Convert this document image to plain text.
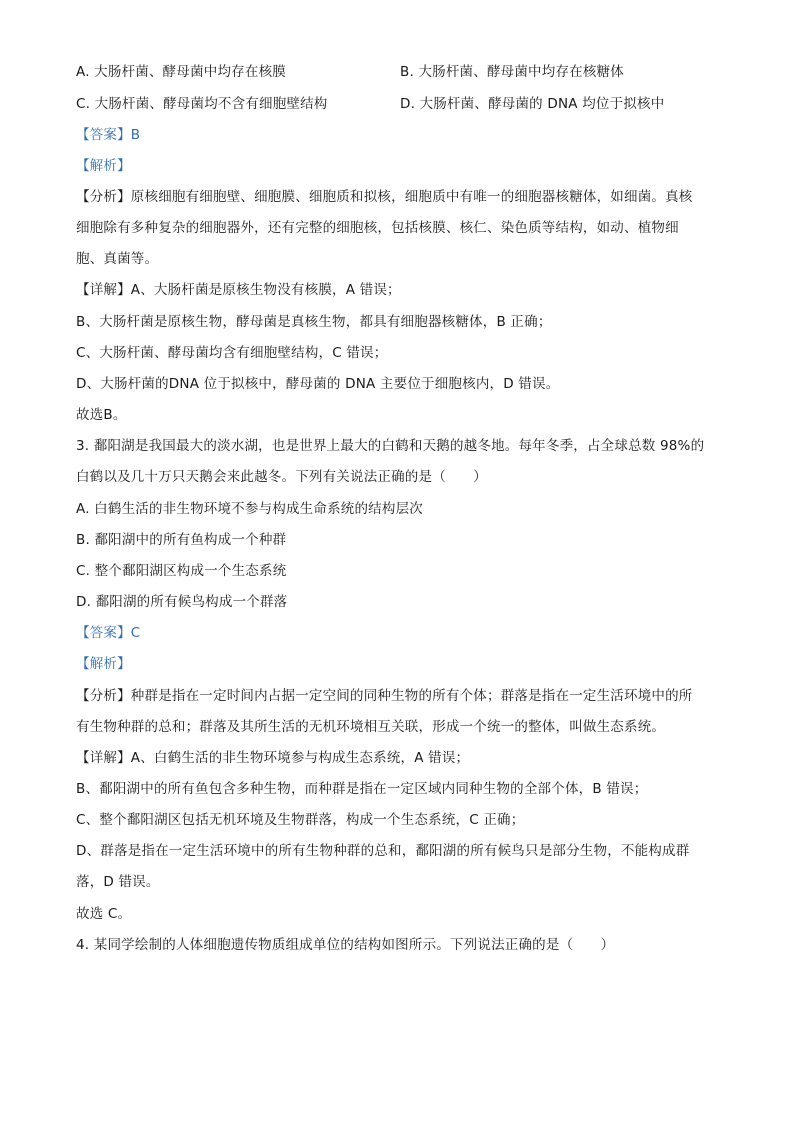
A. 大肠杆菌、酵母菌中均存在核膜	B. 大肠杆菌、酵母菌中均存在核糖体
C. 大肠杆菌、酵母菌均不含有细胞壁结构	D. 大肠杆菌、酵母菌的 DNA 均位于拟核中
【答案】B
【解析】
【分析】原核细胞有细胞壁、细胞膜、细胞质和拟核，细胞质中有唯一的细胞器核糖体，如细菌。真核
细胞除有多种复杂的细胞器外，还有完整的细胞核，包括核膜、核仁、染色质等结构，如动、植物细
胞、真菌等。
【详解】A、大肠杆菌是原核生物没有核膜，A 错误；
B、大肠杆菌是原核生物，酵母菌是真核生物，都具有细胞器核糖体，B 正确；
C、大肠杆菌、酵母菌均含有细胞壁结构，C 错误；
D、大肠杆菌的DNA 位于拟核中，酵母菌的 DNA 主要位于细胞核内，D 错误。
故选B。
3. 鄱阳湖是我国最大的淡水湖，也是世界上最大的白鹤和天鹅的越冬地。每年冬季，占全球总数 98%的
白鹤以及几十万只天鹅会来此越冬。下列有关说法正确的是（　　）
A. 白鹤生活的非生物环境不参与构成生命系统的结构层次
B. 鄱阳湖中的所有鱼构成一个种群
C. 整个鄱阳湖区构成一个生态系统
D. 鄱阳湖的所有候鸟构成一个群落
【答案】C
【解析】
【分析】种群是指在一定时间内占据一定空间的同种生物的所有个体；群落是指在一定生活环境中的所
有生物种群的总和；群落及其所生活的无机环境相互关联，形成一个统一的整体，叫做生态系统。
【详解】A、白鹤生活的非生物环境参与构成生态系统，A 错误；
B、鄱阳湖中的所有鱼包含多种生物，而种群是指在一定区域内同种生物的全部个体，B 错误；
C、整个鄱阳湖区包括无机环境及生物群落，构成一个生态系统，C 正确；
D、群落是指在一定生活环境中的所有生物种群的总和，鄱阳湖的所有候鸟只是部分生物，不能构成群
落，D 错误。
故选 C。
4. 某同学绘制的人体细胞遗传物质组成单位的结构如图所示。下列说法正确的是（　　）
